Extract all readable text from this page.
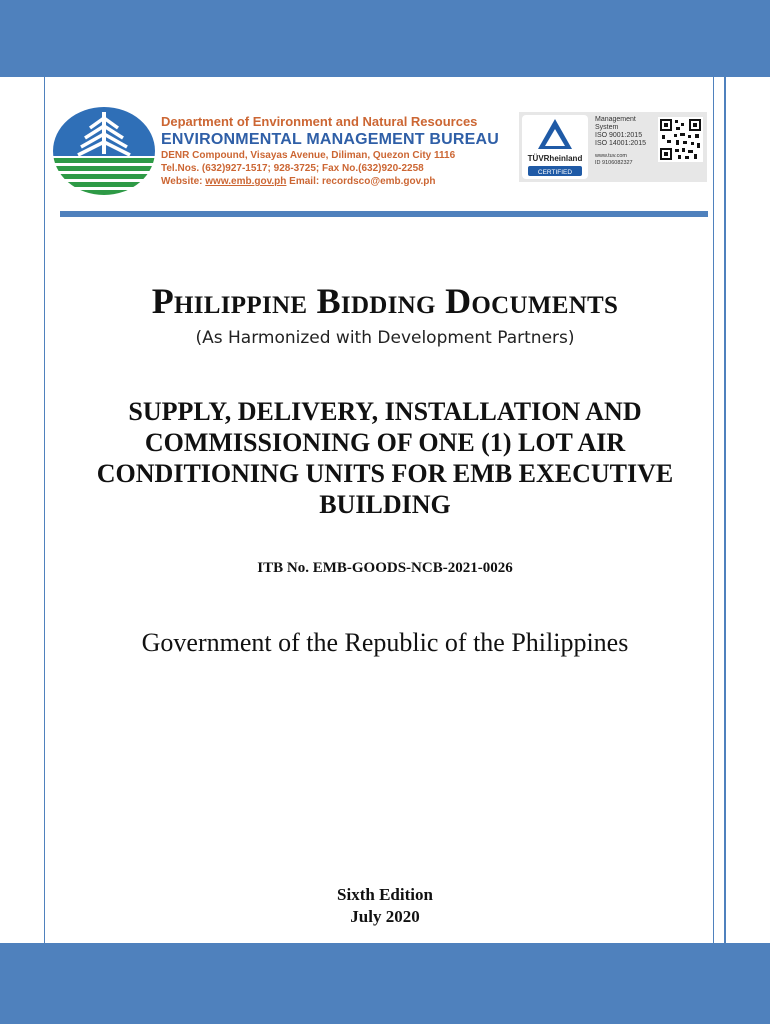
Department of Environment and Natural Resources
ENVIRONMENTAL MANAGEMENT BUREAU
DENR Compound, Visayas Avenue, Diliman, Quezon City 1116
Tel.Nos. (632)927-1517; 928-3725; Fax No.(632)920-2258
Website: www.emb.gov.ph Email: recordsco@emb.gov.ph
TÜVRheinland
CERTIFIED
Management
System
ISO 9001:2015
ISO 14001:2015
www.tuv.com
ID 9106082327
Philippine Bidding Documents
(As Harmonized with Development Partners)
SUPPLY, DELIVERY, INSTALLATION AND COMMISSIONING OF ONE (1) LOT AIR CONDITIONING UNITS FOR EMB EXECUTIVE BUILDING
ITB No. EMB-GOODS-NCB-2021-0026
Government of the Republic of the Philippines
Sixth Edition
July 2020
